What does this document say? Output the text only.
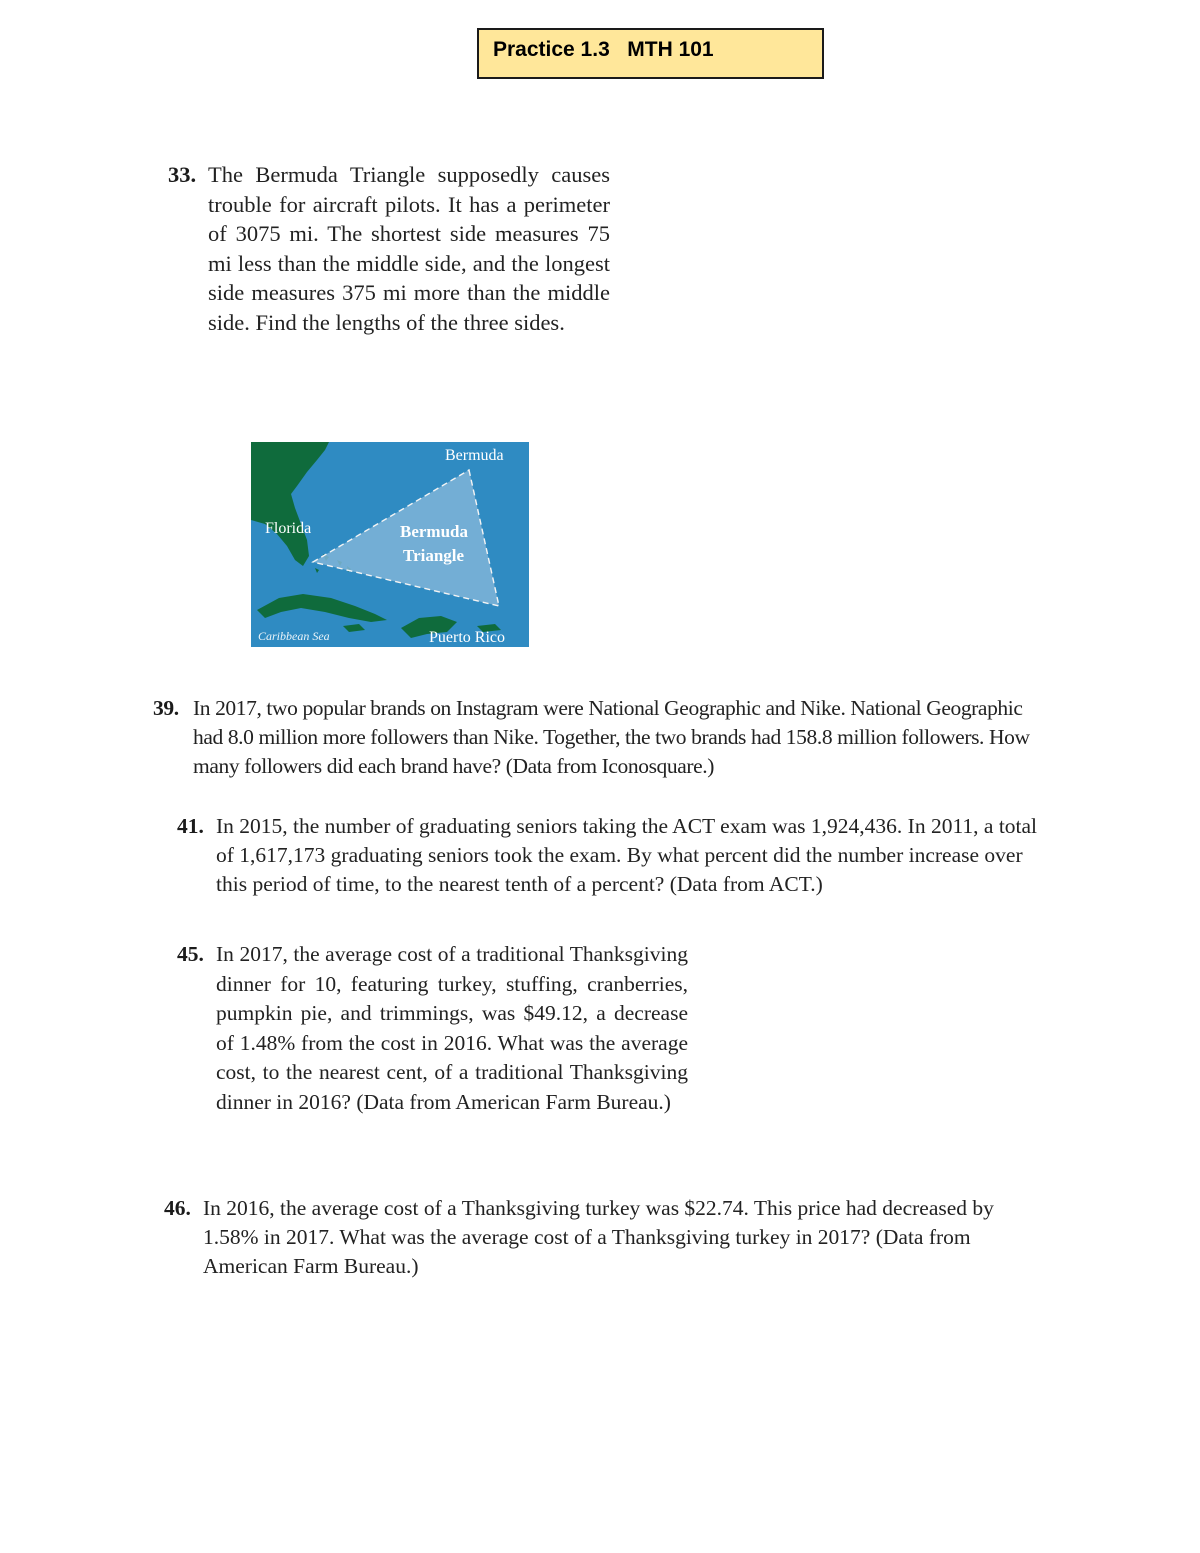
Practice 1.3   MTH 101
33. The Bermuda Triangle supposedly causes trouble for aircraft pilots. It has a perimeter of 3075 mi. The shortest side measures 75 mi less than the middle side, and the longest side measures 375 mi more than the middle side. Find the lengths of the three sides.

Bermuda
Florida	Bermuda
Triangle
Caribbean Sea	Puerto Rico
39. In 2017, two popular brands on Instagram were National Geographic and Nike. National Geographic had 8.0 million more followers than Nike. Together, the two brands had 158.8 million followers. How many followers did each brand have? (Data from Iconosquare.)

41. In 2015, the number of graduating seniors taking the ACT exam was 1,924,436. In 2011, a total of 1,617,173 graduating seniors took the exam. By what percent did the number increase over this period of time, to the nearest tenth of a percent? (Data from ACT.)

45. In 2017, the average cost of a traditional Thanksgiving dinner for 10, featuring turkey, stuffing, cranberries, pumpkin pie, and trimmings, was $49.12, a decrease of 1.48% from the cost in 2016. What was the average cost, to the nearest cent, of a traditional Thanksgiving dinner in 2016? (Data from American Farm Bureau.)

46. In 2016, the average cost of a Thanksgiving turkey was $22.74. This price had decreased by 1.58% in 2017. What was the average cost of a Thanksgiving turkey in 2017? (Data from American Farm Bureau.)
